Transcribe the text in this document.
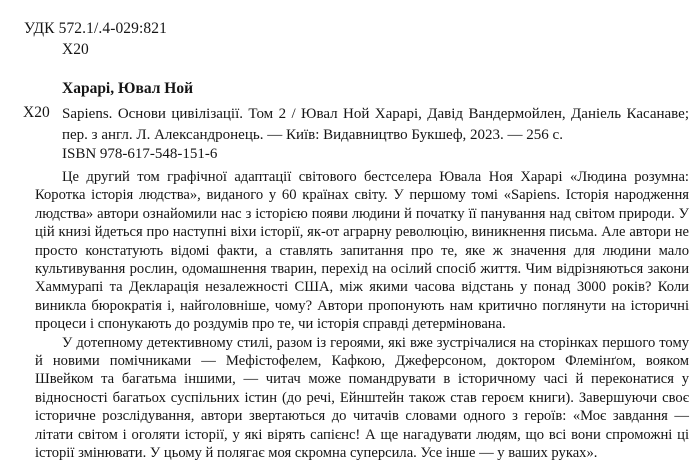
УДК 572.1/.4-029:821
Х20
Харарі, Ювал Ной
Х20 Sapiens. Основи цивілізації. Том 2 / Ювал Ной Харарі, Давід Вандермойлен, Даніель Касанаве; пер. з англ. Л. Александронець. — Київ: Видавництво Букшеф, 2023. — 256 с.
ISBN 978-617-548-151-6

Це другий том графічної адаптації світового бестселера Ювала Ноя Харарі «Людина розумна: Коротка історія людства», виданого у 60 країнах світу. У першому томі «Sapiens. Історія народження людства» автори ознайомили нас з історією появи людини й початку її панування над світом природи. У цій книзі йдеться про наступні віхи історії, як-от аграрну революцію, виникнення письма. Але автори не просто констатують відомі факти, а ставлять запитання про те, яке ж значення для людини мало культивування рослин, одомашнення тварин, перехід на осілий спосіб життя. Чим відрізняються закони Хаммурапі та Декларація незалежності США, між якими часова відстань у понад 3000 років? Коли виникла бюрократія і, найголовніше, чому? Автори пропонують нам критично поглянути на історичні процеси і спонукають до роздумів про те, чи історія справді детермінована.

У дотепному детективному стилі, разом із героями, які вже зустрічалися на сторінках першого тому й новими помічниками — Мефістофелем, Кафкою, Джеферсоном, доктором Флемінґом, вояком Швейком та багатьма іншими, — читач може помандрувати в історичному часі й переконатися у відносності багатьох суспільних істин (до речі, Ейнштейн також став героєм книги). Завершуючи своє історичне розслідування, автори звертаються до читачів словами одного з героїв: «Моє завдання — літати світом і оголяти історії, у які вірять сапієнс! А ще нагадувати людям, що всі вони спроможні ці історії змінювати. У цьому й полягає моя скромна суперсила. Усе інше — у ваших руках».
